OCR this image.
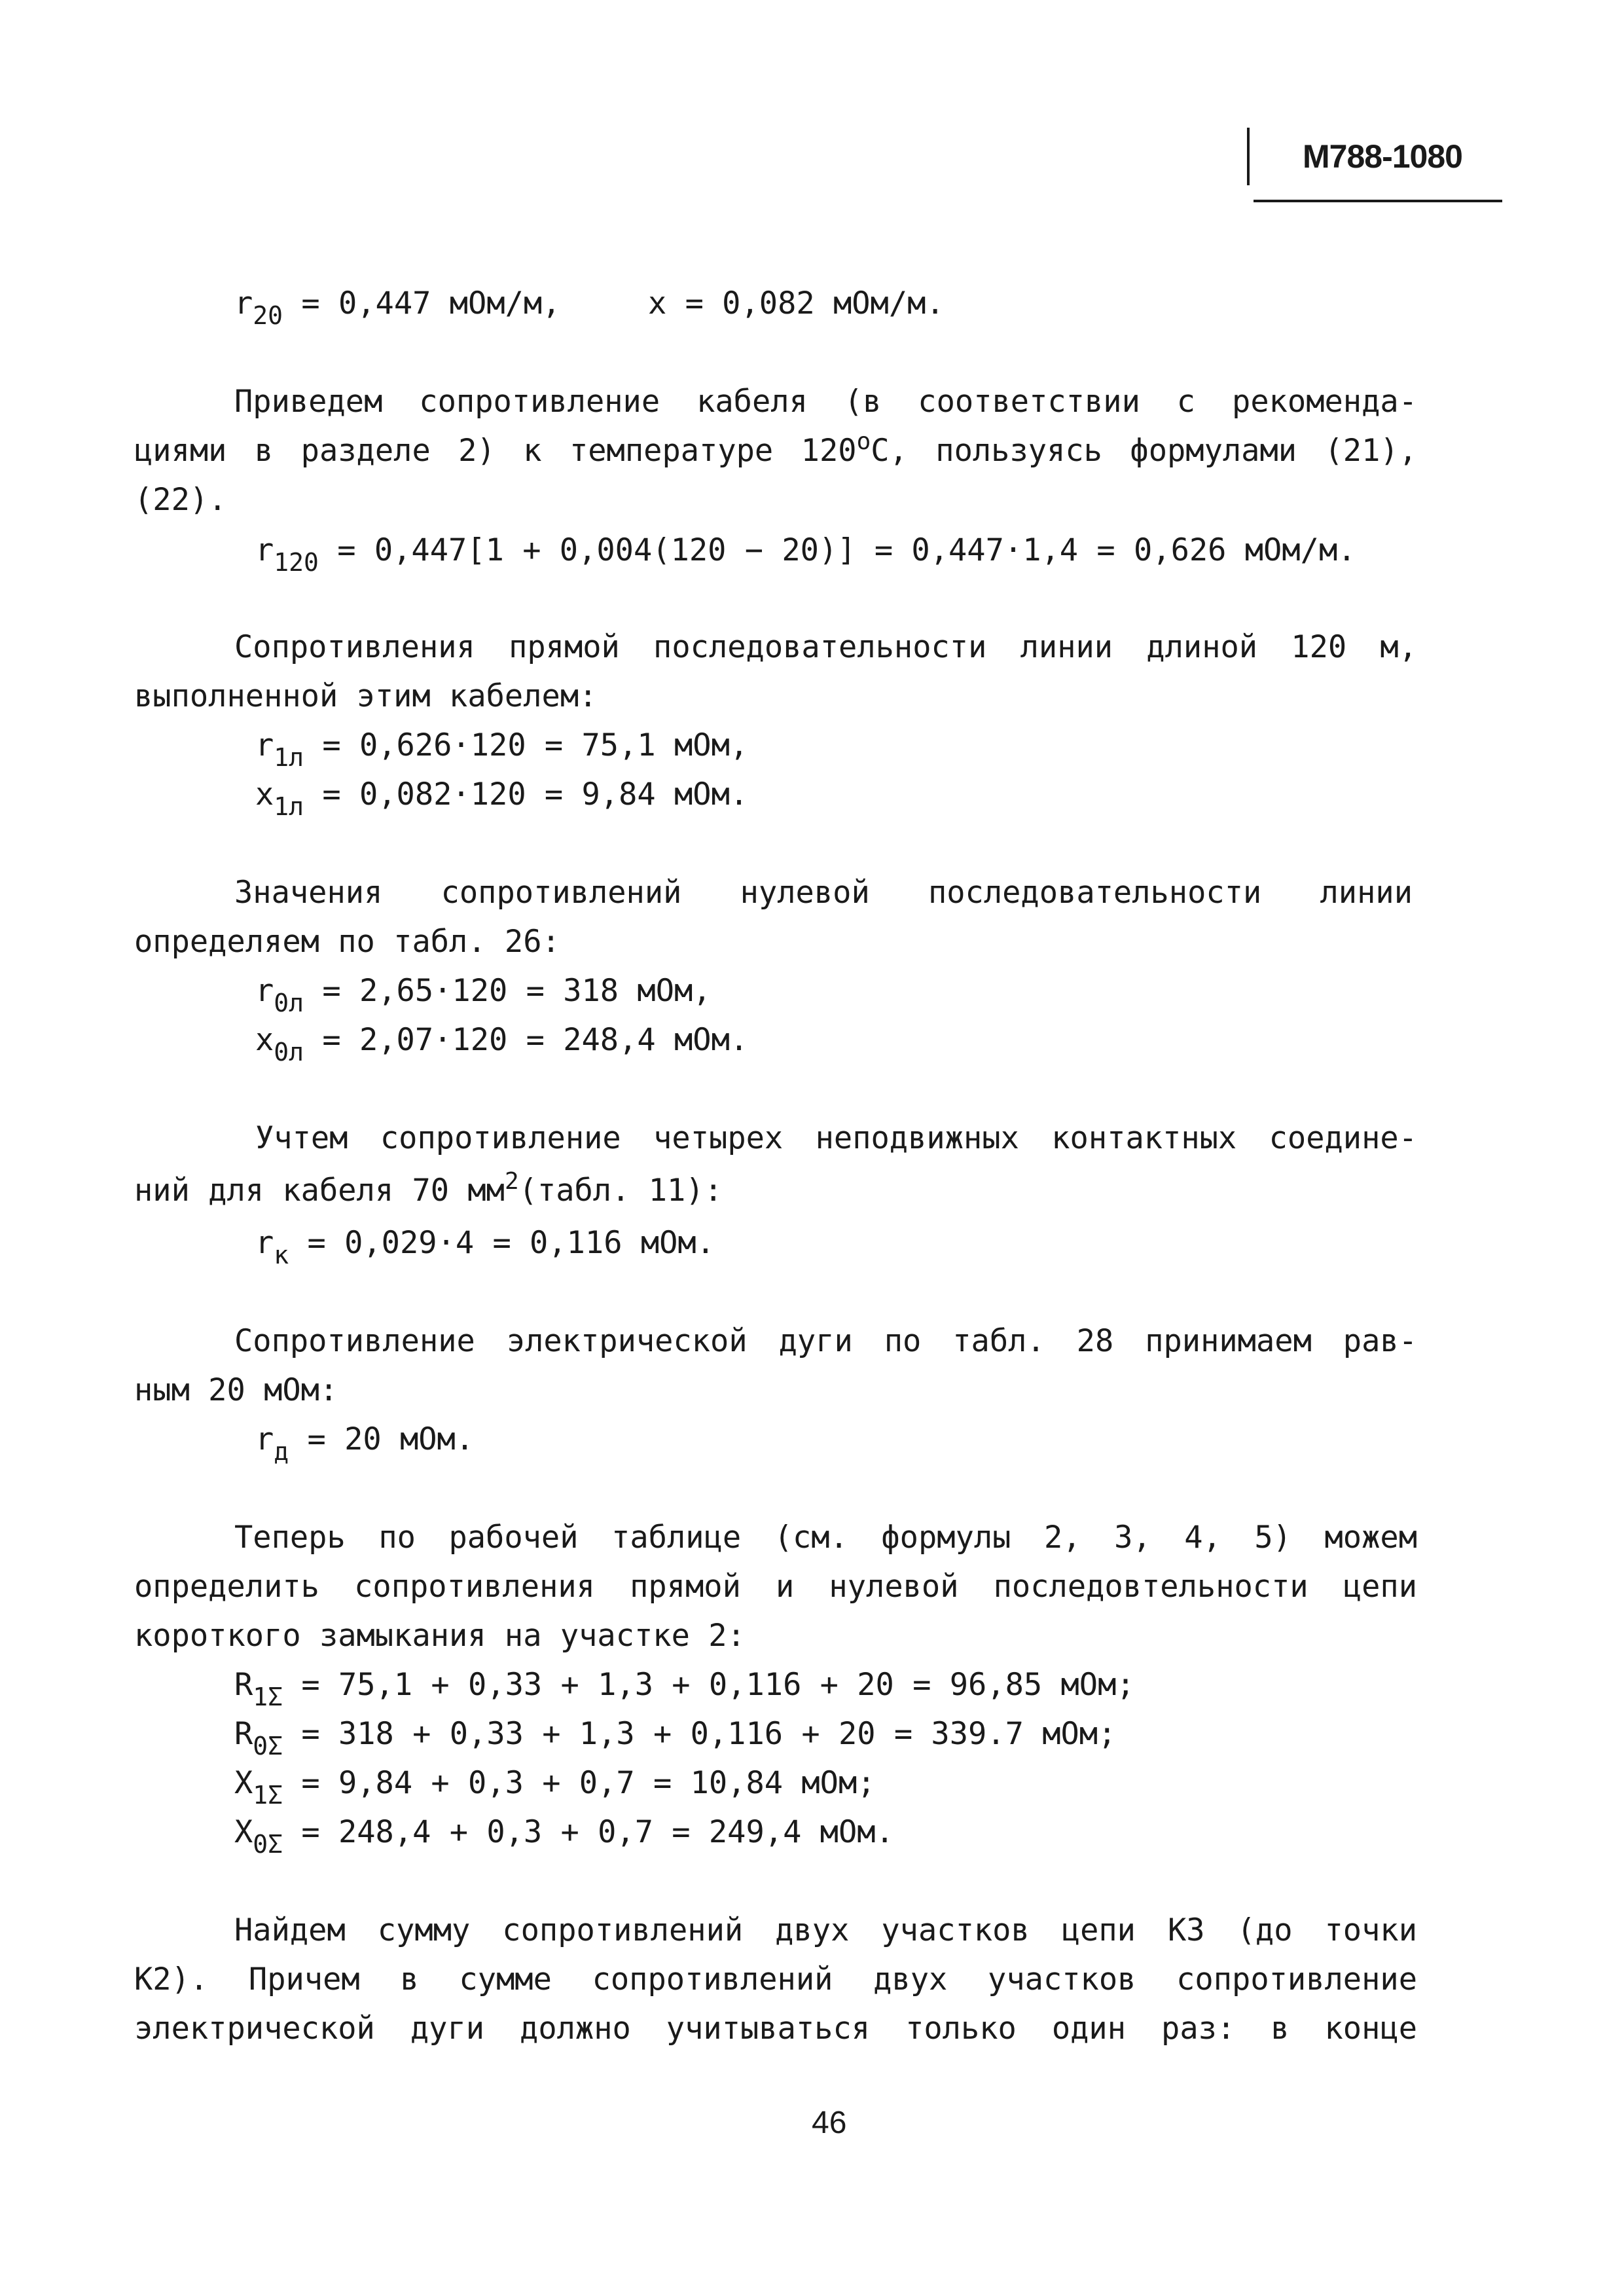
М788-1080
$r_{20} = 0,447$ мОм/м,	x = 0,082 мОм/м.
Приведем сопротивление кабеля (в соответствии с рекоменда-
циями в разделе 2) к температуре $120^оС$, пользуясь формулами (21),
(22).
$r_{120} = 0,447[1 + 0,004(120 - 20)] = 0,447\cdot 1,4 = 0,626$ мОм/м.
Сопротивления прямой последовательности линии длиной 120 м,
выполненной этим кабелем:
$r_{1л} = 0,626\cdot 120 = 75,1$ мОм,
$x_{1л} = 0,082\cdot 120 = 9,84$ мОм.
Значения сопротивлений нулевой последовательности линии
определяем по табл. 26:
$r_{0л} = 2,65\cdot 120 = 318$ мОм,
$x_{0л} = 2,07\cdot 120 = 248,4$ мОм.
Учтем сопротивление четырех неподвижных контактных соедине-
ний для кабеля 70 $мм^2(табл$. 11):
$r_к = 0,029\cdot 4 = 0,116$ мОм.
Сопротивление электрической дуги по табл. 28 принимаем рав-
ным 20 мОм:
$r_д = 20$ мОм.
Теперь по рабочей таблице (см. формулы 2, 3, 4, 5) можем
определить сопротивления прямой и нулевой последовтельности цепи
короткого замыкания на участке 2:
$R_{1\Sigma} = 75,1 + 0,33 + 1,3 + 0,116 + 20 = 96,85$ мОм;
$R_{0\Sigma} = 318 + 0,33 + 1,3 + 0,116 + 20 = 339.7$ мОм;
$X_{1\Sigma} = 9,84 + 0,3 + 0,7 = 10,84$ мОм;
$X_{0\Sigma} = 248,4 + 0,3 + 0,7 = 249,4$ мОм.
Найдем сумму сопротивлений двух участков цепи КЗ (до точки
К2). Причем в сумме сопротивлений двух участков сопротивление
электрической дуги должно учитываться только один раз: в конце
46
